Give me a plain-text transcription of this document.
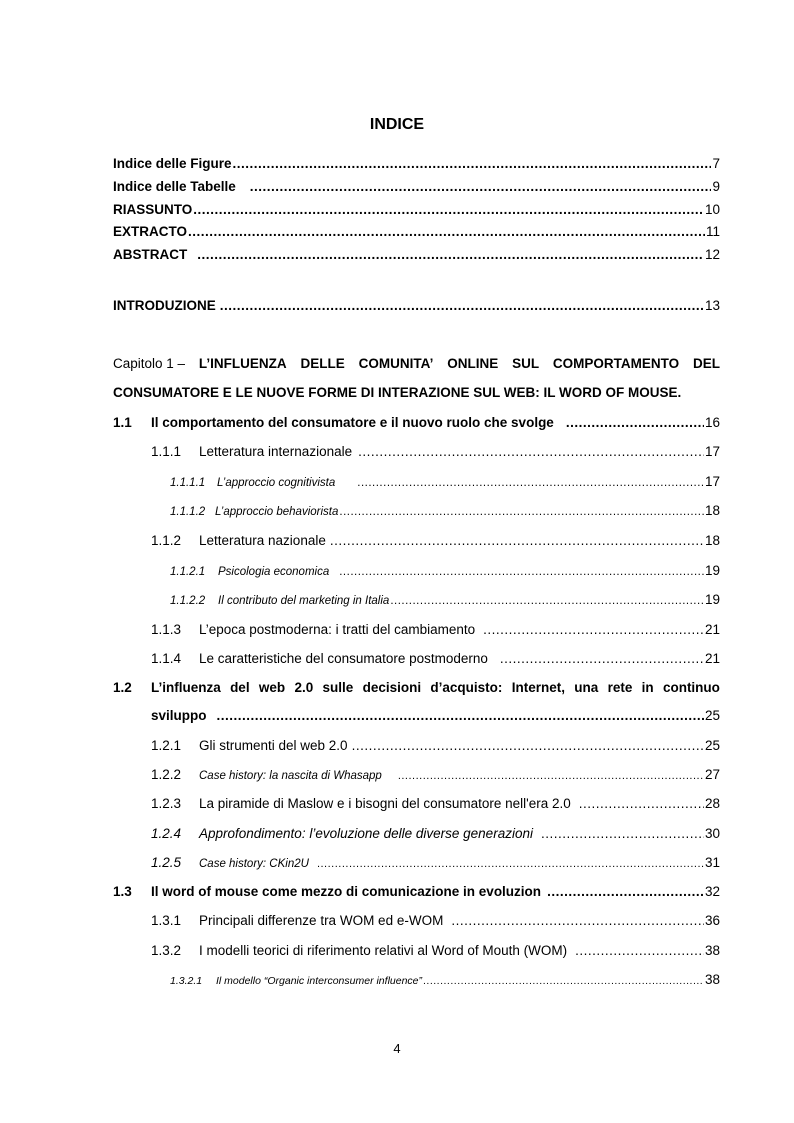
INDICE
Indice delle Figure .....	7
Indice delle Tabelle .....	9
RIASSUNTO .....	10
EXTRACTO .....	11
ABSTRACT .....	12
INTRODUZIONE .....	13
Capitolo 1 – L’INFLUENZA DELLE COMUNITA’ ONLINE SUL COMPORTAMENTO DEL
CONSUMATORE E LE NUOVE FORME DI INTERAZIONE SUL WEB: IL WORD OF MOUSE.
1.1	Il comportamento del consumatore e il nuovo ruolo che svolge .....	16
1.1.1	Letteratura internazionale .....	17
1.1.1.1	L’approccio cognitivista .....	17
1.1.1.2 L’approccio behaviorista .....	18
1.1.2	Letteratura nazionale .....	18
1.1.2.1	Psicologia economica .....	19
1.1.2.2	Il contributo del marketing in Italia .....	19
1.1.3	L’epoca postmoderna: i tratti del cambiamento .....	21
1.1.4	Le caratteristiche del consumatore postmoderno .....	21
1.2 L’influenza del web 2.0 sulle decisioni d’acquisto: Internet, una rete in continuo
sviluppo .....	25
1.2.1	Gli strumenti del web 2.0 .....	25
1.2.2	Case history: la nascita di Whasapp .....	27
1.2.3	La piramide di Maslow e i bisogni del consumatore nell'era 2.0 .....	28
1.2.4	Approfondimento: l’evoluzione delle diverse generazioni .....	30
1.2.5	Case history: CKin2U .....	31
1.3	Il word of mouse come mezzo di comunicazione in evoluzion .....	32
1.3.1	Principali differenze tra WOM ed e-WOM .....	36
1.3.2	I modelli teorici di riferimento relativi al Word of Mouth (WOM) .....	38
1.3.2.1	Il modello “Organic interconsumer influence” .....	38
4
